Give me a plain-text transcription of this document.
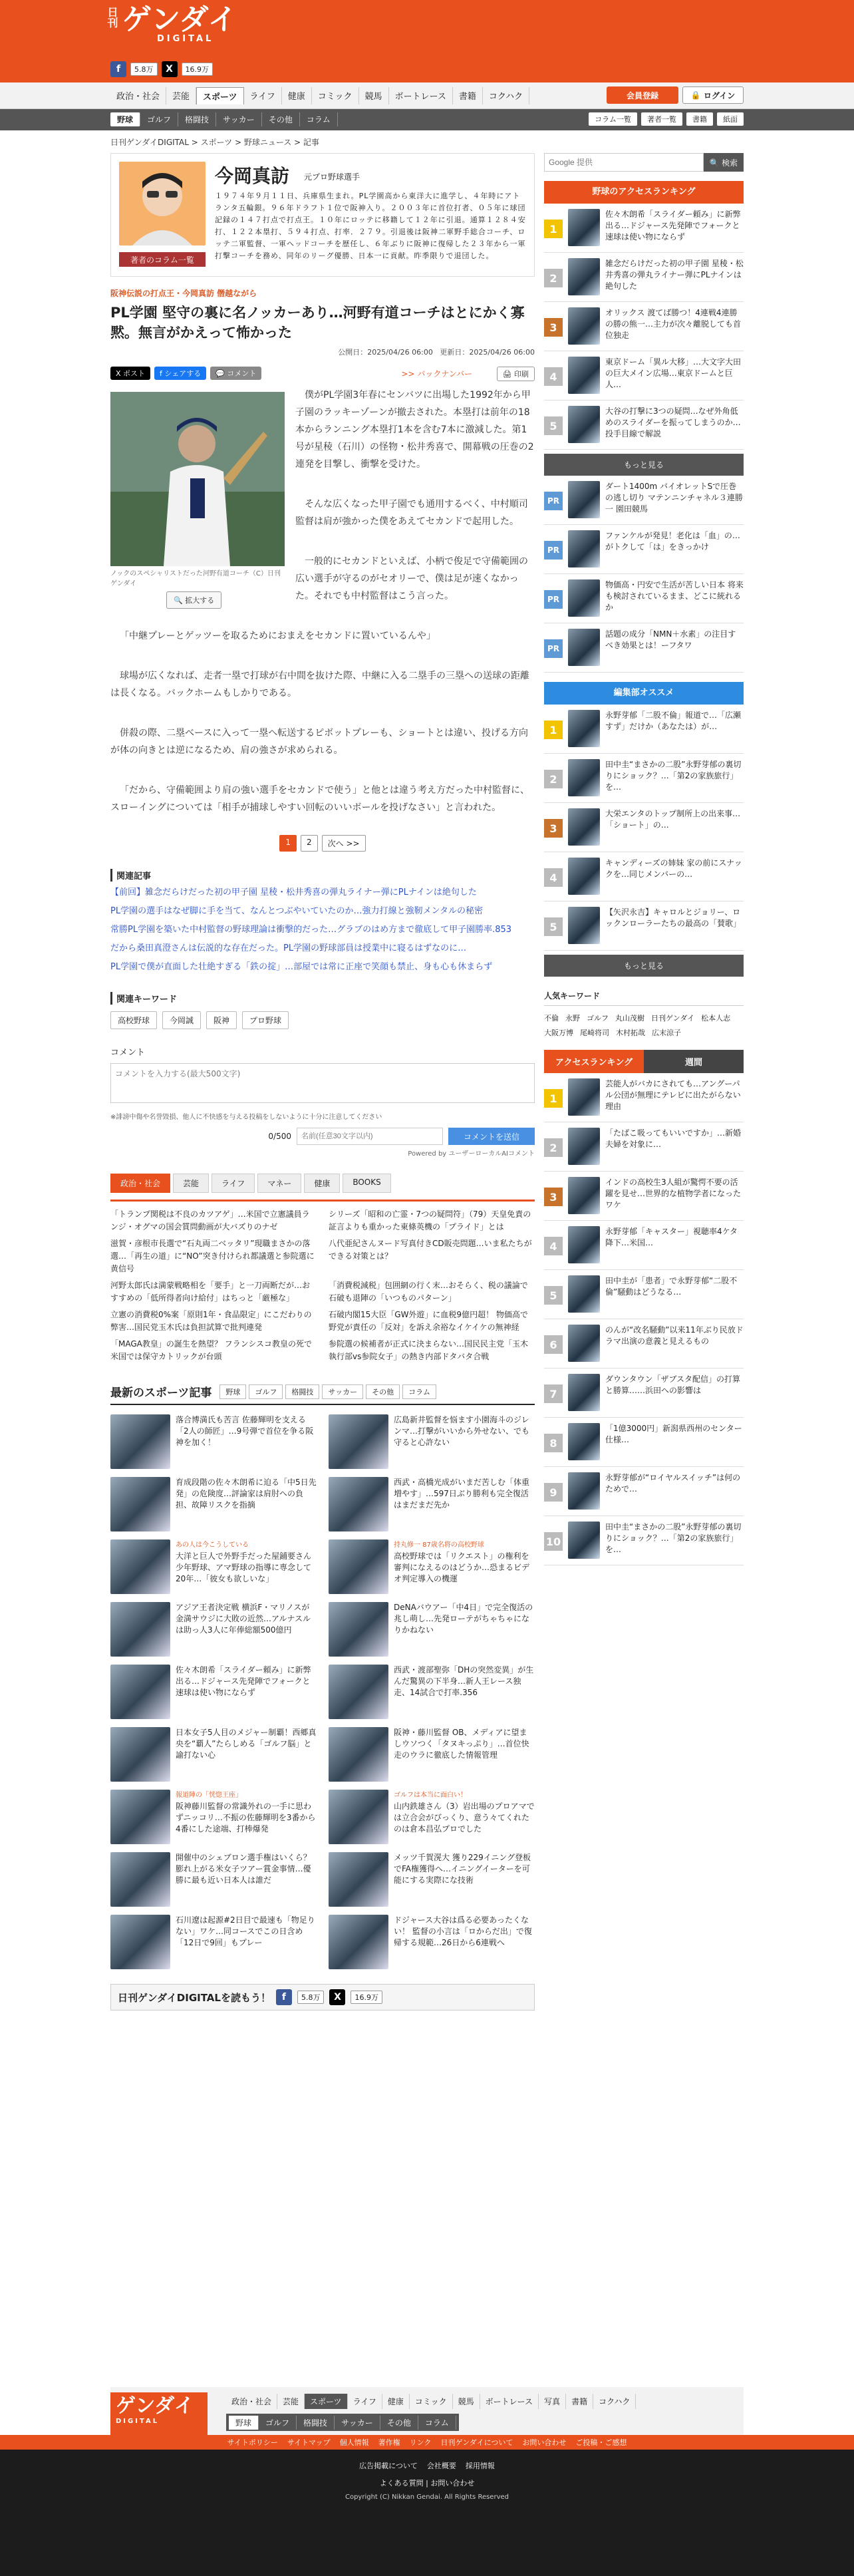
日刊 ゲンダイ
DIGITAL
f	5.8万	X	16.9万
政治・社会	芸能	スポーツ	ライフ	健康	コミック	競馬	ボートレース	書籍	コクハク	会員登録	🔒 ログイン
野球	ゴルフ	格闘技	サッカー	その他	コラム	コラム一覧	著者一覧	書籍	紙面
日刊ゲンダイDIGITAL > スポーツ > 野球ニュース > 記事
著者のコラム一覧
今岡真訪 元プロ野球選手
１９７４年９月１１日、兵庫県生まれ。PL学園高から東洋大に進学し、４年時にアトランタ五輪銀。９６年ドラフト１位で阪神入り。２００３年に首位打者、０５年に球団記録の１４７打点で打点王。１０年にロッテに移籍して１２年に引退。通算１２８４安打、１２２本塁打、５９４打点、打率．２７９。引退後は阪神二軍野手総合コーチ、ロッテ二軍監督、一軍ヘッドコーチを歴任し、６年ぶりに阪神に復帰した２３年から一軍打撃コーチを務め、同年のリーグ優勝、日本一に貢献。昨季限りで退団した。
阪神伝説の打点王・今岡真訪 僭越ながら
PL学園 堅守の裏に名ノッカーあり…河野有道コーチはとにかく寡黙。無言がかえって怖かった
公開日：2025/04/26 06:00 更新日：2025/04/26 06:00
X ポスト	f シェアする	💬 コメント	>> バックナンバー	🖨 印刷
ノックのスペシャリストだった河野有道コーチ（C）日刊ゲンダイ
🔍 拡大する

僕がPL学園3年春にセンバツに出場した1992年から甲子園のラッキーゾーンが撤去された。本塁打は前年の18本からランニング本塁打1本を含む7本に激減した。第1号が星稜（石川）の怪物・松井秀喜で、開幕戦の圧巻の2連発を目撃し、衝撃を受けた。

そんな広くなった甲子園でも通用するべく、中村順司監督は肩が強かった僕をあえてセカンドで起用した。

一般的にセカンドといえば、小柄で俊足で守備範囲の広い選手が守るのがセオリーで、僕は足が速くなかった。それでも中村監督はこう言った。

「中継プレーとゲッツーを取るためにおまえをセカンドに置いているんや」

球場が広くなれば、走者一塁で打球が右中間を抜けた際、中継に入る二塁手の三塁への送球の距離は長くなる。バックホームもしかりである。

併殺の際、二塁ベースに入って一塁へ転送するピボットプレーも、ショートとは違い、投げる方向が体の向きとは逆になるため、肩の強さが求められる。

「だから、守備範囲より肩の強い選手をセカンドで使う」と他とは違う考え方だった中村監督に、スローイングについては「相手が捕球しやすい回転のいいボールを投げなさい」と言われた。

1	2	次へ >>
関連記事
【前回】雑念だらけだった初の甲子園 星稜・松井秀喜の弾丸ライナー弾にPLナインは絶句した
PL学園の選手はなぜ脚に手を当て、なんとつぶやいていたのか…強力打線と強靭メンタルの秘密
常勝PL学園を築いた中村監督の野球理論は衝撃的だった…グラブのはめ方まで徹底して甲子園勝率.853
だから桑田真澄さんは伝説的な存在だった。PL学園の野球部員は授業中に寝るはずなのに…
PL学園で僕が直面した壮絶すぎる「鉄の掟」…部屋では常に正座で笑顔も禁止、身も心も休まらず
関連キーワード
高校野球	今岡誠	阪神	プロ野球
コメント
コメントを入力する(最大500文字)
※誹謗中傷や名誉毀損、他人に不快感を与える投稿をしないように十分に注意してください
0/500
名前(任意30文字以内)	コメントを送信
Powered by ユーザーローカルAIコメント
政治・社会	芸能	ライフ	マネー	健康	BOOKS
「トランプ関税は不良のカツアゲ」…米国で立憲議員ランジ・オグマの国会質問動画が大バズりのナゼ
シリーズ「昭和の亡霊・7つの疑問符」（79）天皇免責の証言よりも重かった東條英機の「プライド」とは
滋賀・彦根市長選で“石丸両二ベッタリ”現職まさかの落選…「再生の道」に“NO”突き付けられ都議選と参院選に黄信号
八代亜紀さんヌード写真付きCD販売問題…いま私たちができる対策とは？
河野太郎氏は満蒙戦略相を「要手」と一刀両断だが…おすすめの「低所得者向け給付」はちっと「厳極な」
「消費税減税」包囲網の行く末…おそらく、税の議論で石破も退陣の「いつものパターン」
立憲の消費税0%案「原則1年・食品限定」にこだわりの弊害…国民党玉木氏は負担試算で批判連発
石破内閣15大臣「GW外遊」に血税9億円超！ 物価高で野党が責任の「反対」を訴え余裕なイケイケの無神経
「MAGA教皇」の誕生を熱望？ フランシスコ教皇の死で米国では保守カトリックが台頭
参院選の候補者が正式に決まらない…国民民主党「玉木執行部vs参院女子」の熱き内部ドタバタ合戦
最新のスポーツ記事	野球	ゴルフ	格闘技	サッカー	その他	コラム
落合博満氏も苦言 佐藤輝明を支える「2人の師匠」…9号弾で首位を争る阪神を加く！
広島新井監督を悩ます小園海斗のジレンマ…打撃がいいから外せない、でも守ると心許ない
育成段階の佐々木朗希に迫る「中5日先発」の危険度…評論家は肩肘への負担、故障リスクを指摘
西武・高橋光成がいまだ苦しむ「体重増やす」…597日ぶり勝利も完全復活はまだまだ先か
あの人は今こうしている
大洋と巨人で外野手だった屋鋪要さん 少年野球、アマ野球の指導に専念して20年…「彼女も欲しいな」
持丸修一 87歳名将の高校野球
高校野球では「リクエスト」の権利を審判になえるのはどうか…恐まるビデオ判定導入の機運
アジア王者決定戦 横浜F・マリノスが金満サウジに大敗の近然…アルナスルは助っ人3人に年俸総額500億円
DeNAバウアー「中4日」で完全復活の兆し萌し…先発ローテがちゃちゃになりかねない
佐々木朗希「スライダー頼み」に新弊出る…ドジャース先発陣でフォークと速球は使い物にならず
西武・渡部聖弥「DHの突然変異」が生んだ驚異の下半身…新人王レース独走、14試合で打率.356
日本女子5人目のメジャー制覇！西郷真央を“覇人”たらしめる「ゴルフ脳」と諭打ない心
阪神・藤川監督 OB、メディアに望ましウソつく「タヌキっぷり」…首位快走のウラに徹底した情報管理
報道陣の「恍惚王座」
阪神藤川監督の常識外れの一手に思わずニッコリ…不振の佐藤輝明を3番から4番にした途端、打棒爆発
ゴルフは本当に面白い！
山内鉄雄さん（3）岩出場のプロアマでは立合会がびっくり、意う々てくれたのは倉本昌弘プロでした
開催中のシェブロン選手権はいくら？ 膨れ上がる米女子ツアー賞金事情…優勝に最も近い日本人は誰だ
メッツ千賀滉大 獲り229イニング登板でFA権獲得へ…イニングイーターを可能にする実際にな技術
石川遼は起源#2日目で最速も「物足りない」ワケ…同コースでこの日含め「12日で9回」もプレー
ドジャース大谷は爲る必要あったくない！ 監督の小言は「ロからだ出」で復帰する規範…26日から6連戦へ
日刊ゲンダイDIGITALを読もう！	f	5.8万	X	16.9万
Google 提供
🔍 検索
野球のアクセスランキング
1
佐々木朗希「スライダー頼み」に新弊出る…ドジャース先発陣でフォークと速球は使い物にならず
2
雑念だらけだった初の甲子園 星稜・松井秀喜の弾丸ライナー弾にPLナインは絶句した
3
オリックス 渡てば勝つ！4連戦4連勝の勝の熊一…主力が次々離脱しても首位独走
4
東京ドーム「異ル大移」…大文字大田の巨大メイン広場…東京ドームと巨人…
5
大谷の打撃に3つの疑問…なぜ外角低めのスライダーを振ってしまうのか…投手目線で解説
もっと見る
PR
ダート1400m バイオレットSで圧巻の逃し切り マテンニンチャネル３連勝一 園田競馬
PR
ファンケルが発見！老化は「血」の…がトクして「は」をきっかけ
PR
物価高・円安で生活が苦しい日本 将来も検討されているまま、どこに統れるか
PR
話題の成分「NMN＋水素」の注目すべき効果とは！ーフタワ
編集部オススメ
1
永野芽郁「二股不倫」報道で…「広瀬すず」だけか（あなたは）が…
2
田中圭“まさかの二股”永野芽郁の裏切りにショック？…「第2の家族旅行」を…
3
大栄エンタのトップ制所上の出来事…「ショート」の…
4
キャンディーズの姉妹 家の前にスナックを…同じメンバーの…
5
【矢沢永吉】キャロルとジョリー、ロックンローラーたちの最高の「賛歌」
もっと見る
人気キーワード
不倫 永野 ゴルフ 丸山茂樹 日刊ゲンダイ 松本人志
大阪万博 尾崎将司 木村拓哉 広末涼子
アクセスランキング	週間
1
芸能人がバカにされても…アングーパル公団が無理にテレビに出たがらない理由
2
「たばこ吸ってもいいですか」…新婚夫婦を対象に…
3
インドの高校生3人組が驚愕不要の活躍を見せ…世界的な植物学者になったワケ
4
永野芽郁「キャスター」視聴率4ケタ降下…米国…
5
田中圭が「患者」で永野芽郁“二股不倫”騒動はどうなる…
6
のんが“改名騒動”以来11年ぶり民放ドラマ出演の意義と見えるもの
7
ダウンタウン「ザブスタ配信」の打算と勝算……浜田への影響は
8
「1億3000円」新潟県西州のセンター仕様…
9
永野芽郁が“ロイヤルスイッチ”は何のためで…
10
田中圭“まさかの二股”永野芽郁の裏切りにショック？…「第2の家族旅行」を…
ゲンダイ
DIGITAL
政治・社会	芸能	スポーツ	ライフ	健康	コミック	競馬	ボートレース	写真	書籍	コクハク
野球	ゴルフ	格闘技	サッカー	その他	コラム
サイトポリシー	サイトマップ	個人情報	著作権	リンク	日刊ゲンダイについて	お問い合わせ	ご投稿・ご感想
広告掲載について 会社概要 採用情報
よくある質問 | お問い合わせ
Copyright (C) Nikkan Gendai. All Rights Reserved
